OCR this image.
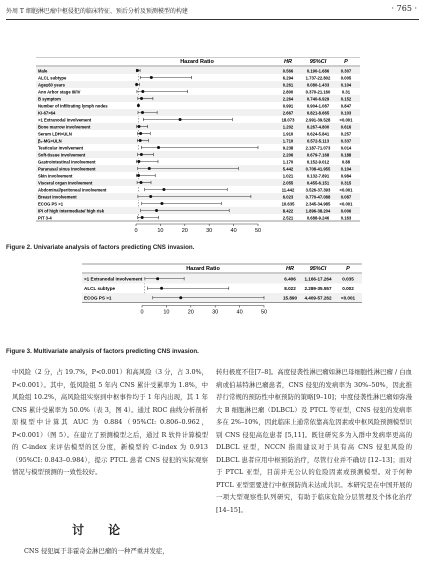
外周 T 细胞淋巴瘤中枢侵犯的临床特征、预后分析及预测模型的构建	· 765 ·
Hazard Ratio	HR	95%CI	P
Male	0.566	0.190-1.686	0.307
ALCL subtype	6.294	1.737-22.802 0.005
Age≥60 years	0.261	0.080-1.433	0.104
Ann Arbor stage III/IV	2.800	0.370-21.160	0.31
B symptom	2.264	0.740-6.929	0.152
Number of infiltrating lymph nodes	0.991	0.904-1.087	0.847
Ki-67>64	2.667	0.821-8.665	0.103
>1 Extranodal involvement	18.073	2.991-39.528 <0.001
Bone marrow involvement	1.202	0.267-4.800	0.616
Serum LDH>ULN	1.910	0.624-5.841	0.257
β₂-MG>ULN	1.710	0.572-5.113	0.337
Testicular involvement	9.238	2.187-71.073 0.014
Soft-tissue involvement	2.206	0.679-7.168	0.188
Gastrointestinal involvement	1.170	0.152-9.012	0.88
Paranasal sinus involvement	5.442	0.708-41.955 0.104
Skin involvement	1.021	0.132-7.891	0.984
Visceral organ involvement	2.055	0.455-6.151	0.315
Abdominal/peritoneal involvement	11.442	3.526-37.393 <0.001
Breast involvement	6.023	0.770-47.088 0.087
ECOG PS >1	10.635	2.345-34.985 <0.001
IPI of high intermediate/ high risk	8.422	1.896-38.204 0.006
PIT 3-4	2.521	0.688-9.246	0.163
0	10	20	30	40	50
Figure 2. Univariate analysis of factors predicting CNS invasion.
Hazard Ratio	HR	95%CI	P
>1 Extranodal involvement	6.406 1.166-17.264 0.035
ALCL subtype	8.022 2.289-35.557 0.002
ECOG PS >1	15.890 4.409-57.262 <0.001
0	10	20	30	40	50
Figure 3. Multivariate analysis of factors predicting CNS invasion.

中风险（2 分，占 19.7%，P<0.001）和高风险（3 分，占 3.0%，P<0.001）。其中，低风险组 5 年内 CNS 累计受累率为 1.8%，中风险组 10.2%，高风险组实察到中枢事件均于 1 年内出现，其 1 年 CNS 累计受累率为 50.0%（表 3，图 4）。通过 ROC 曲线分析剖析原模型中计算其 AUC 为 0.884（95%CI: 0.806–0.962，P<0.001）（图 5）。在建立了预测模型之后，通过 R 软件计算模型的 C-index 来评估模型的区分度，新模型的 C-index 为 0.913（95%CI: 0.843–0.984），提示 PTCL 患者 CNS 侵犯的实际观察情况与模型预测的一致性较好。

讨 论

CNS 侵犯属于非霍奇金淋巴瘤的一种严重并发症，

转归极度不佳[7–8]。高度侵袭性淋巴瘤如淋巴母细胞性淋巴瘤 / 白血病或伯基特淋巴瘤患者，CNS 侵犯的发病率为 30%–50%，因此推荐行常规的预防性中枢预防的策略[9–10]；中度侵袭性淋巴瘤如弥漫大 B 细胞淋巴瘤（DLBCL）及 PTCL 等亚型，CNS 侵犯的发病率多在 2%–10%，因此临床上通常依靠高危因素或中枢风险预测模型识别 CNS 侵犯高危患者 [5,11]。既往研究多为入群中发病率更高的 DLBCL 亚型，NCCN 指南建议对于具有高 CNS 侵犯风险的 DLBCL 患者应用中枢预防治疗，尽管行业并不确切 [12–13]；而对于 PTCL 亚型，目前并无公认的危险因素或预测模型。对于何种 PTCL 亚型需要进行中枢预防尚未达成共识。本研究是在中国开展的一项大型观察性队列研究，有助于临床危险分层管理及个体化治疗 [14–15]。
